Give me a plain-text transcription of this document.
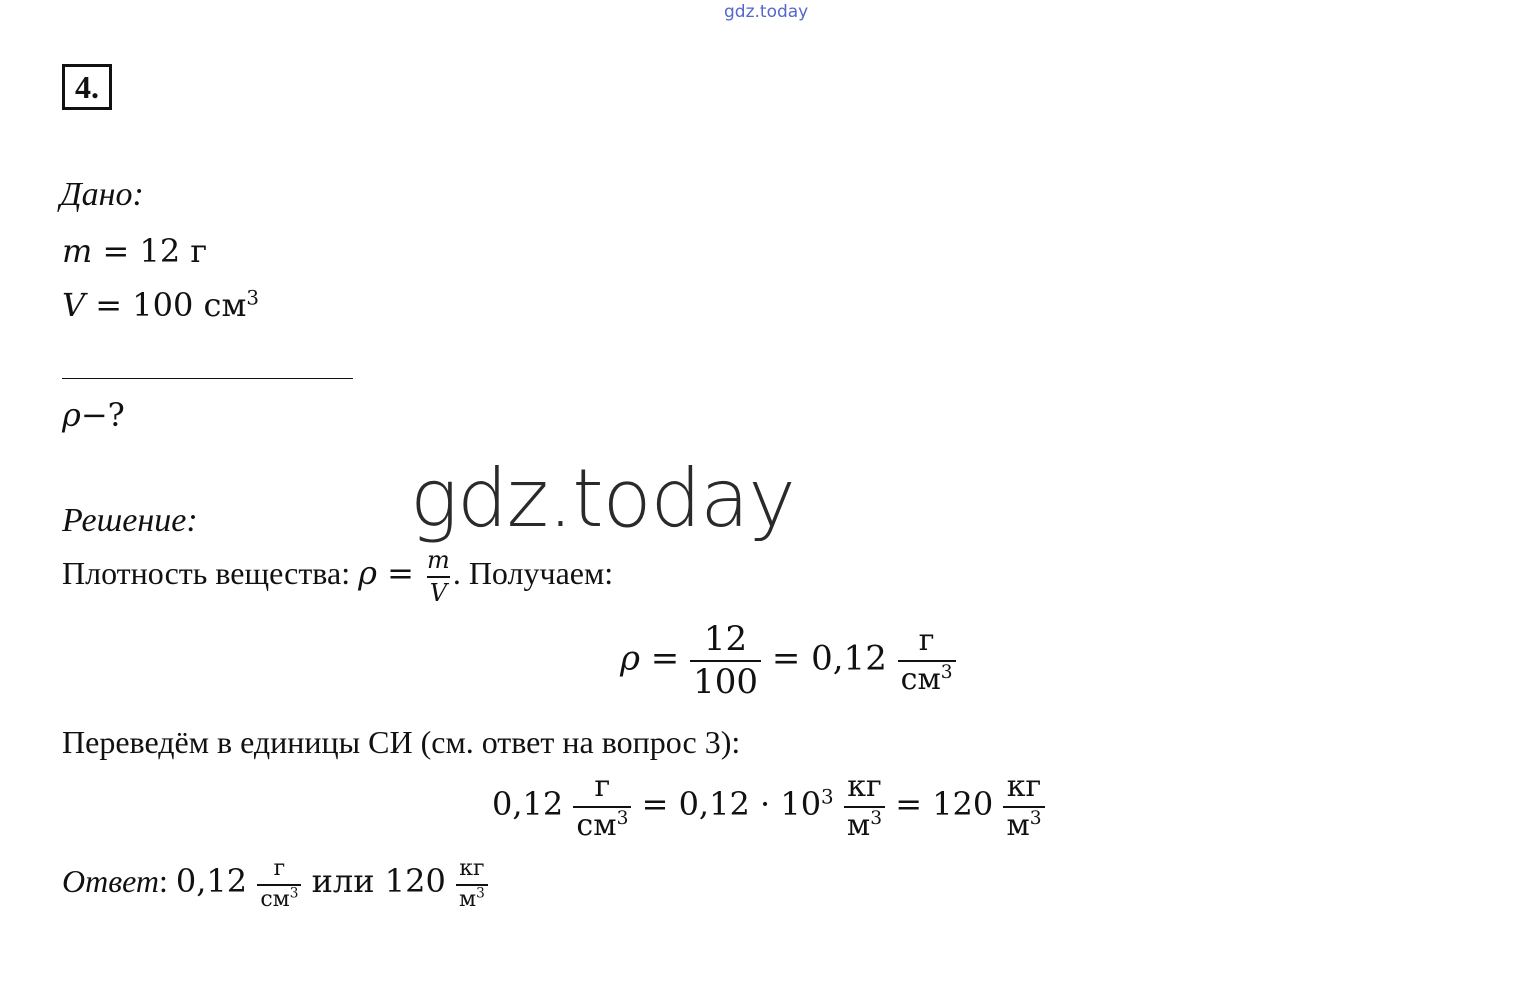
gdz.today
4.
Дано:
m = 12 г
V = 100 $см^3$
ρ−?
gdz.today
Решение:
Плотность вещества: $\rho = \frac{m}{V}$ . Получаем:
$\rho = \frac{12}{100} = 0,12 \frac{г}{см^3}$
Переведём в единицы СИ (см. ответ на вопрос 3):
$0,12 \frac{г}{см^3} = 0,12 \cdot 10^3 \frac{кг}{м^3} = 120 \frac{кг}{м^3}$
Ответ: $0,12 \frac{г}{см^3}$ или $120 \frac{кг}{м^3}$
